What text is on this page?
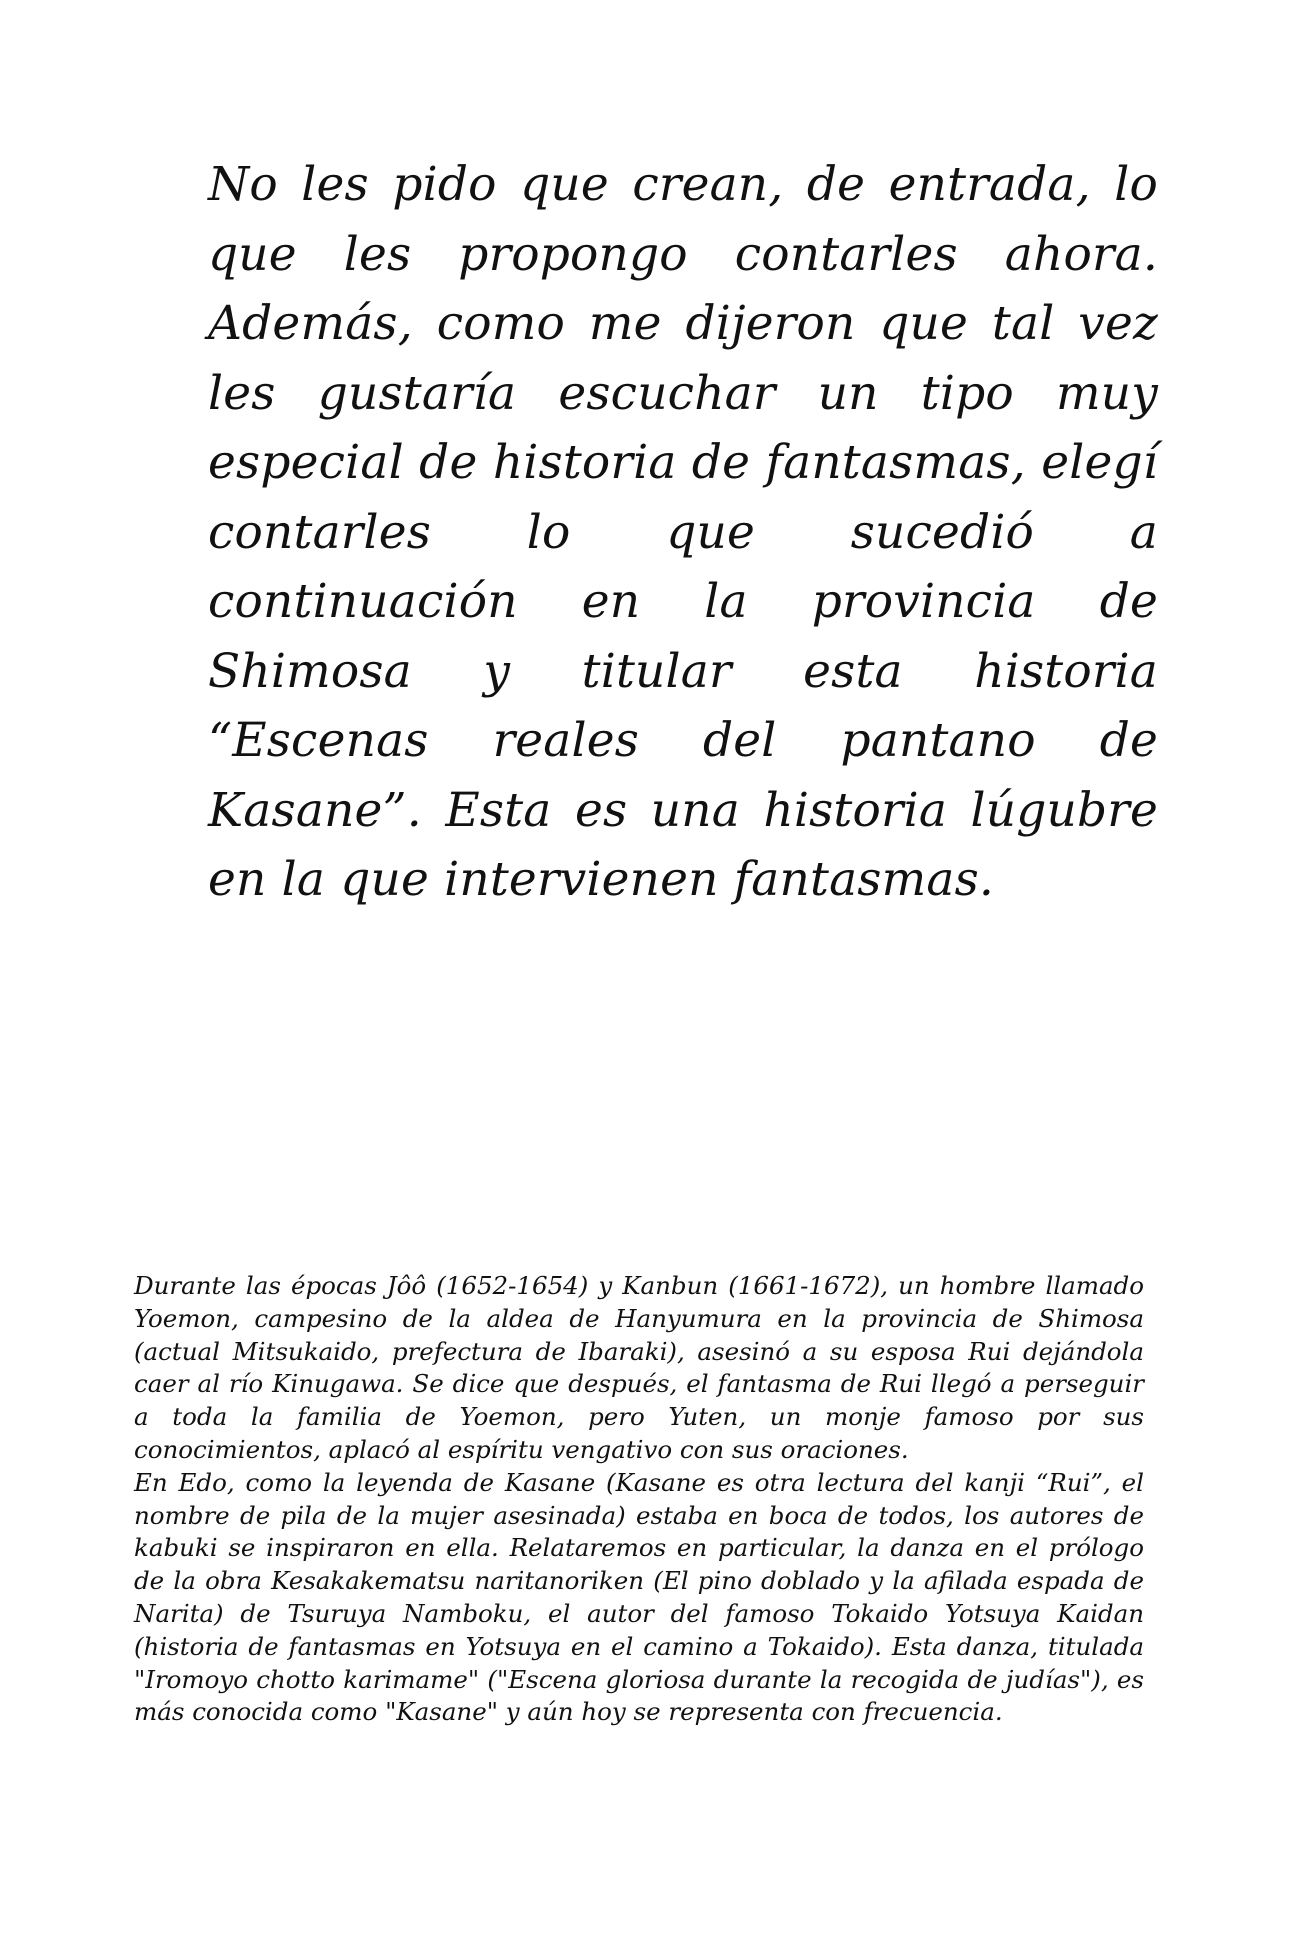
No les pido que crean, de entrada, lo que les propongo contarles ahora. Además, como me dijeron que tal vez les gustaría escuchar un tipo muy especial de historia de fantasmas, elegí contarles lo que sucedió a continuación en la provincia de Shimosa y titular esta historia “Escenas reales del pantano de Kasane”. Esta es una historia lúgubre en la que intervienen fantasmas.

Durante las épocas Jôô (1652-1654) y Kanbun (1661-1672), un hombre llamado Yoemon, campesino de la aldea de Hanyumura en la provincia de Shimosa (actual Mitsukaido, prefectura de Ibaraki), asesinó a su esposa Rui dejándola caer al río Kinugawa. Se dice que después, el fantasma de Rui llegó a perseguir a toda la familia de Yoemon, pero Yuten, un monje famoso por sus conocimientos, aplacó al espíritu vengativo con sus oraciones.

En Edo, como la leyenda de Kasane (Kasane es otra lectura del kanji “Rui”, el nombre de pila de la mujer asesinada) estaba en boca de todos, los autores de kabuki se inspiraron en ella. Relataremos en particular, la danza en el prólogo de la obra Kesakakematsu naritanoriken (El pino doblado y la afilada espada de Narita) de Tsuruya Namboku, el autor del famoso Tokaido Yotsuya Kaidan (historia de fantasmas en Yotsuya en el camino a Tokaido). Esta danza, titulada "Iromoyo chotto karimame" ("Escena gloriosa durante la recogida de judías"), es más conocida como "Kasane" y aún hoy se representa con frecuencia.
